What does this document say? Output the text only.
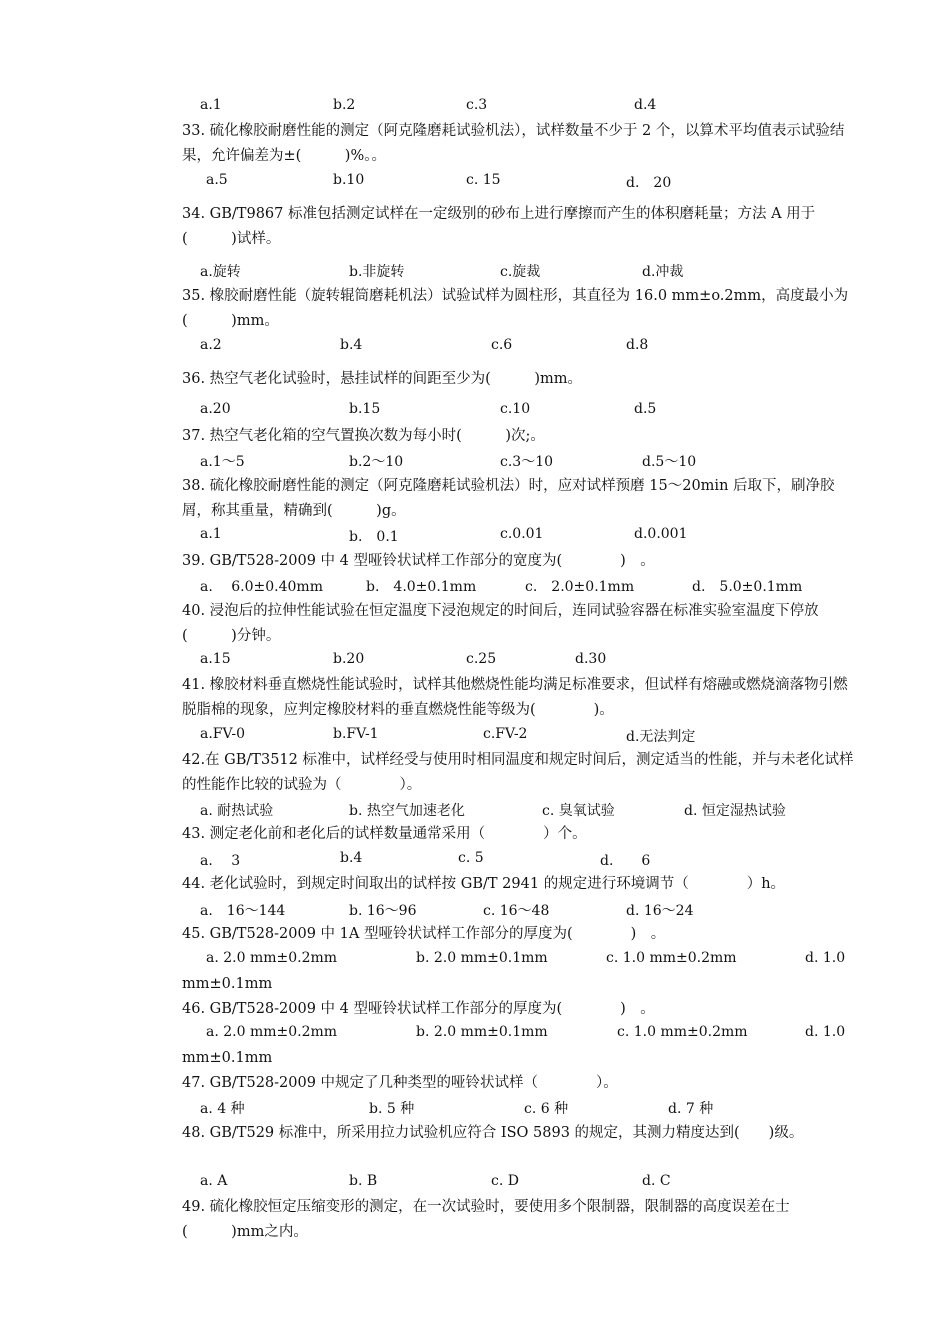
a.1	b.2	c.3	d.4
33. 硫化橡胶耐磨性能的测定（阿克隆磨耗试验机法），试样数量不少于 2 个，以算术平均值表示试验结果，允许偏差为±(　　　)%。。
a.5	b.10	c. 15	d.　20
34. GB/T9867 标准包括测定试样在一定级别的砂布上进行摩擦而产生的体积磨耗量；方法 A 用于(　　　)试样。
a.旋转	b.非旋转	c.旋裁	d.冲裁
35. 橡胶耐磨性能（旋转辊筒磨耗机法）试验试样为圆柱形，其直径为 16.0 mm±o.2mm，高度最小为(　　　)mm。
a.2	b.4	c.6	d.8
36. 热空气老化试验时，悬挂试样的间距至少为(　　　)mm。
a.20	b.15	c.10	d.5
37. 热空气老化箱的空气置换次数为每小时(　　　)次;。
a.1～5	b.2～10	c.3～10	d.5～10
38. 硫化橡胶耐磨性能的测定（阿克隆磨耗试验机法）时，应对试样预磨 15～20min 后取下，刷净胶屑，称其重量，精确到(　　　)g。
a.1	b.　0.1	c.0.01	d.0.001
39. GB/T528-2009 中 4 型哑铃状试样工作部分的宽度为(　　　　)　。
a.　 6.0±0.40mm	b.　4.0±0.1mm	c.　2.0±0.1mm	d.　5.0±0.1mm
40. 浸泡后的拉伸性能试验在恒定温度下浸泡规定的时间后，连同试验容器在标准实验室温度下停放(　　　)分钟。
a.15	b.20	c.25	d.30
41. 橡胶材料垂直燃烧性能试验时，试样其他燃烧性能均满足标准要求，但试样有熔融或燃烧滴落物引燃脱脂棉的现象，应判定橡胶材料的垂直燃烧性能等级为(　　　　)。
a.FV-0	b.FV-1	c.FV-2	d.无法判定
42.在 GB/T3512 标准中，试样经受与使用时相同温度和规定时间后，测定适当的性能，并与未老化试样的性能作比较的试验为（　　　　）。
a. 耐热试验	b. 热空气加速老化	c. 臭氧试验	d. 恒定湿热试验
43. 测定老化前和老化后的试样数量通常采用（　　　　）个。
a.　 3	b.4	c. 5	d.　　6
44. 老化试验时，到规定时间取出的试样按 GB/T 2941 的规定进行环境调节（　　　　）h。
a.　16～144	b. 16～96	c. 16～48	d. 16～24
45. GB/T528-2009 中 1A 型哑铃状试样工作部分的厚度为(　　　　)　。
a. 2.0 mm±0.2mm	b. 2.0 mm±0.1mm	c. 1.0 mm±0.2mm	d. 1.0
mm±0.1mm
46. GB/T528-2009 中 4 型哑铃状试样工作部分的厚度为(　　　　)　。
a. 2.0 mm±0.2mm	b. 2.0 mm±0.1mm	c. 1.0 mm±0.2mm	d. 1.0
mm±0.1mm
47. GB/T528-2009 中规定了几种类型的哑铃状试样（　　　　）。
a. 4 种	b. 5 种	c. 6 种	d. 7 种
48. GB/T529 标准中，所采用拉力试验机应符合 ISO 5893 的规定，其测力精度达到(　　)级。
a. A	b. B	c. D	d. C
49. 硫化橡胶恒定压缩变形的测定，在一次试验时，要使用多个限制器，限制器的高度误差在士(　　　)mm之内。
